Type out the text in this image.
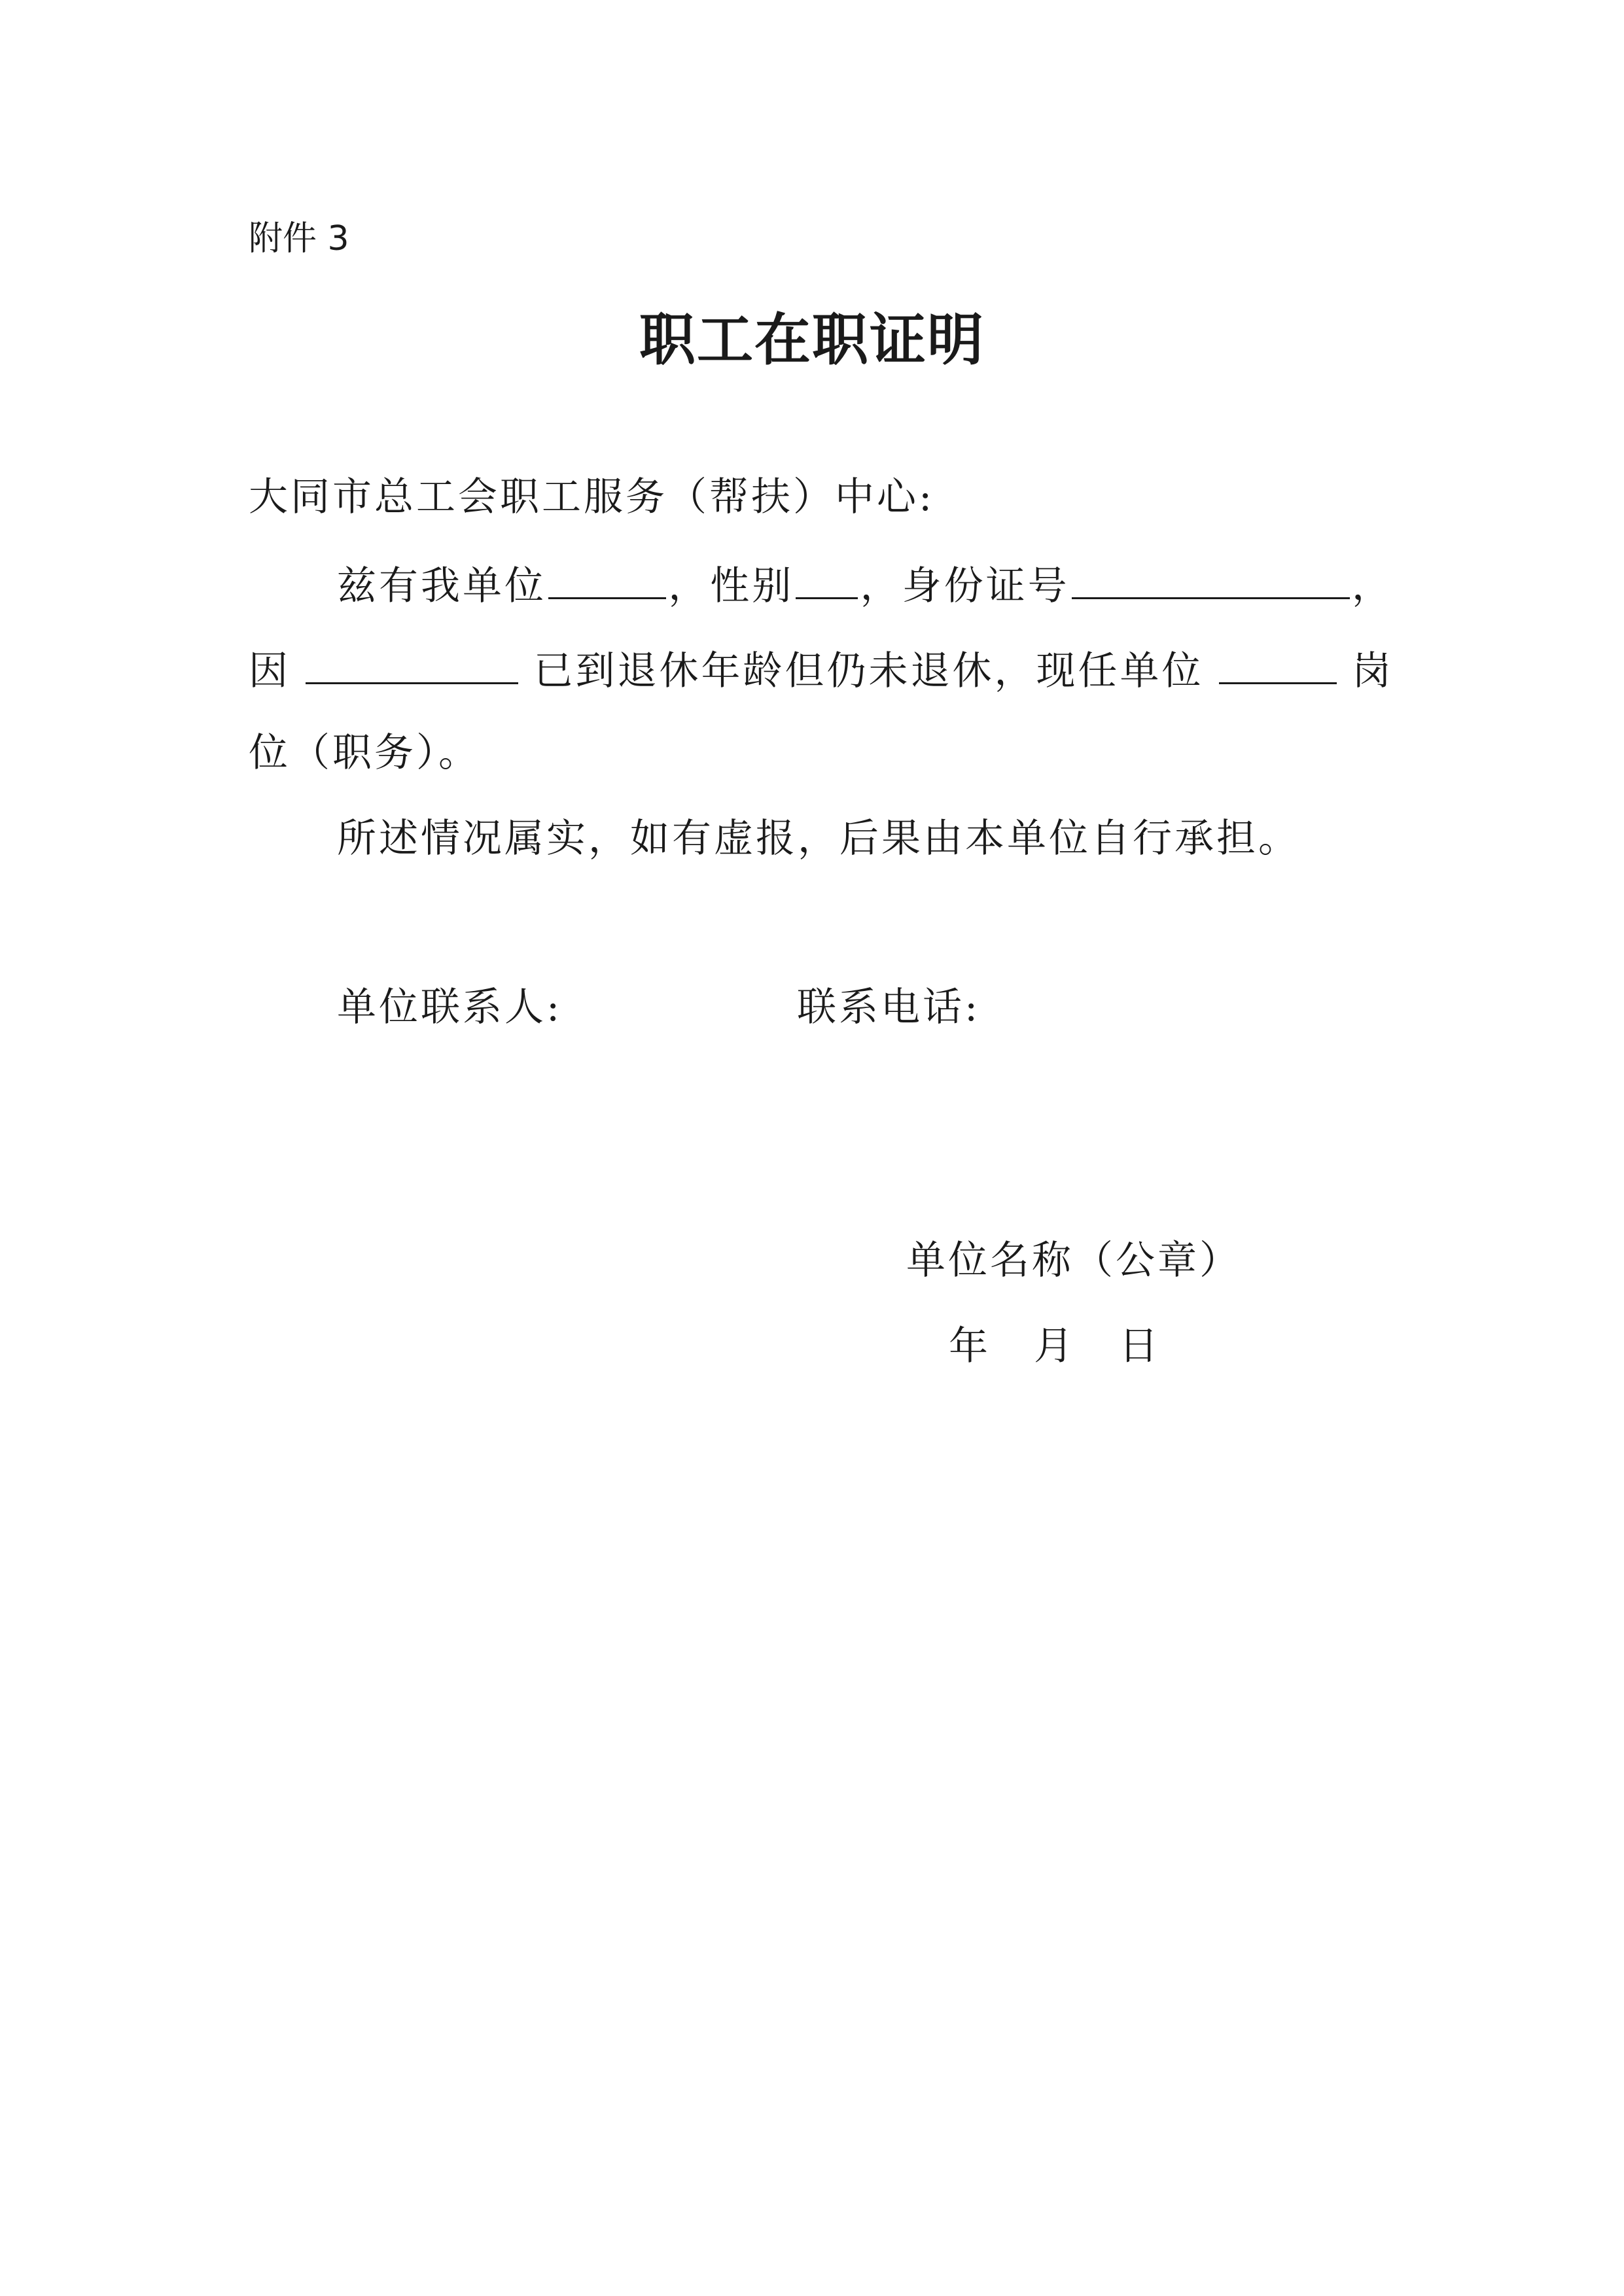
附件 3
职工在职证明
大同市总工会职工服务（帮扶）中心:
兹有我单位	，性别 ，身份证号	，
因	已到退休年龄但仍未退休，现任单位	岗
位（职务）。
所述情况属实，如有虚报，后果由本单位自行承担。
单位联系人:	联系电话:
单位名称（公章）
年 月 日
